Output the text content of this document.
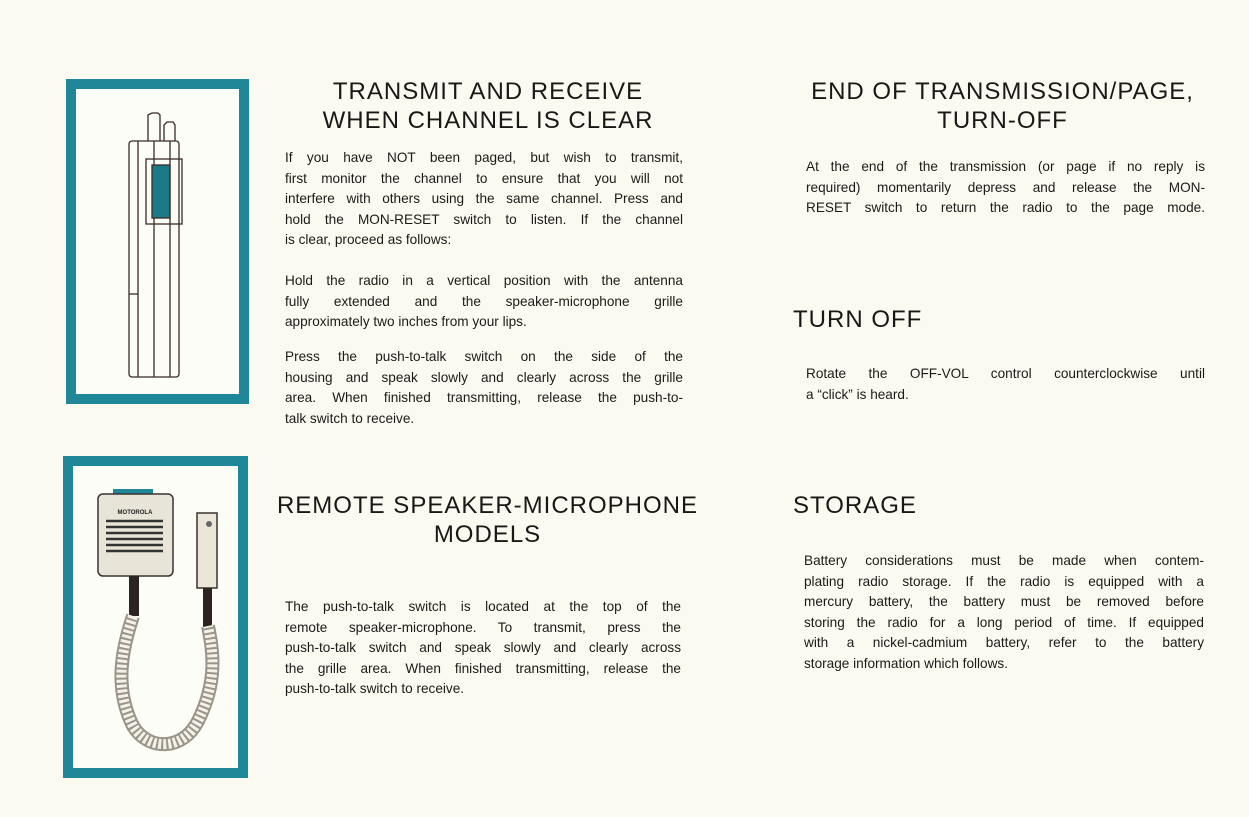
MOTOROLA
TRANSMIT AND RECEIVE
WHEN CHANNEL IS CLEAR
If you have NOT been paged, but wish to transmit,
first monitor the channel to ensure that you will not
interfere with others using the same channel. Press and
hold the MON-RESET switch to listen. If the channel
is clear, proceed as follows:
Hold the radio in a vertical position with the antenna
fully extended and the speaker-microphone grille
approximately two inches from your lips.
Press the push-to-talk switch on the side of the
housing and speak slowly and clearly across the grille
area. When finished transmitting, release the push-to-
talk switch to receive.
REMOTE SPEAKER-MICROPHONE
MODELS
The push-to-talk switch is located at the top of the
remote speaker-microphone. To transmit, press the
push-to-talk switch and speak slowly and clearly across
the grille area. When finished transmitting, release the
push-to-talk switch to receive.
END OF TRANSMISSION/PAGE,
TURN-OFF
At the end of the transmission (or page if no reply is
required) momentarily depress and release the MON-
RESET switch to return the radio to the page mode.
TURN OFF
Rotate the OFF-VOL control counterclockwise until
a “click” is heard.
STORAGE
Battery considerations must be made when contem-
plating radio storage. If the radio is equipped with a
mercury battery, the battery must be removed before
storing the radio for a long period of time. If equipped
with a nickel-cadmium battery, refer to the battery
storage information which follows.
